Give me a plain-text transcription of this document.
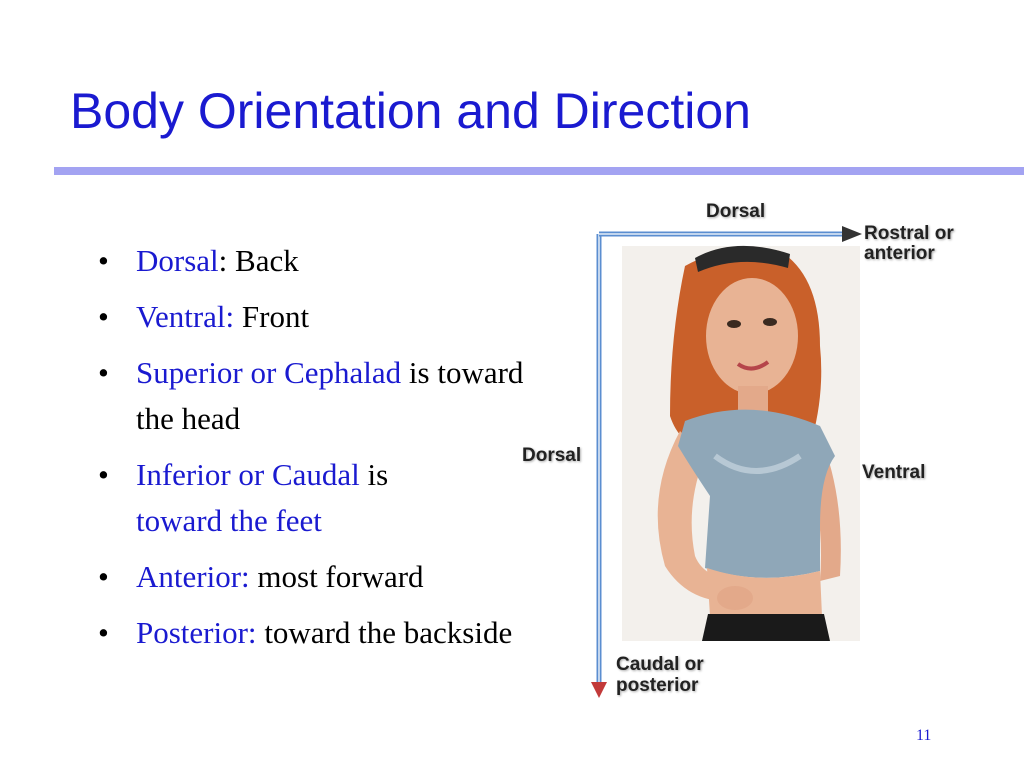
Body Orientation and Direction
• Dorsal: Back
• Ventral: Front
• Superior or Cephalad is toward the head
• Inferior or Caudal is
toward the feet
• Anterior: most forward
• Posterior: toward the backside
Dorsal
Rostral or
anterior
Dorsal
Ventral
Caudal or
posterior
11
